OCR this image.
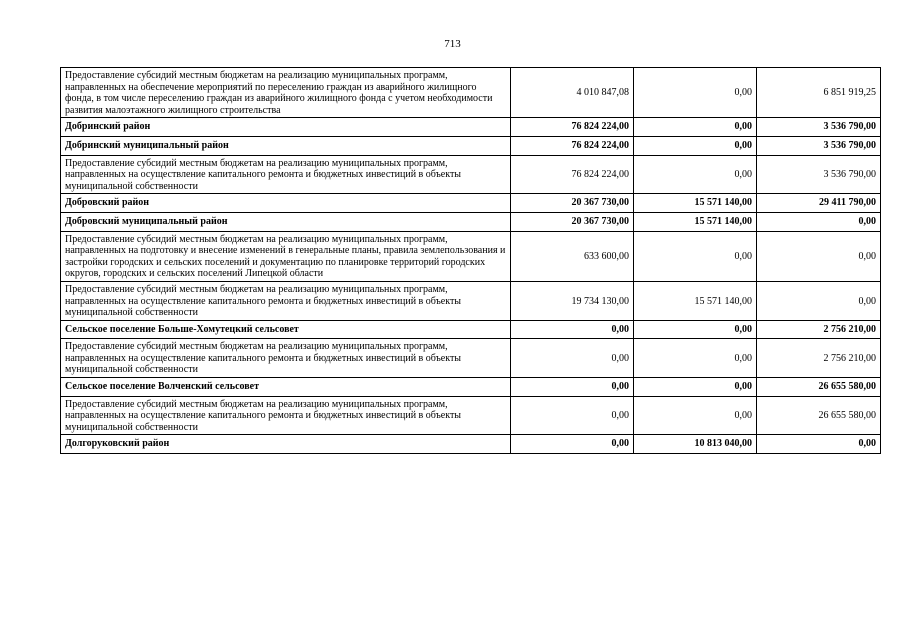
713
Предоставление субсидий местным бюджетам на реализацию муниципальных программ, направленных на обеспечение мероприятий по переселению граждан из аварийного жилищного фонда, в том числе переселению граждан из аварийного жилищного фонда с учетом необходимости развития малоэтажного жилищного строительства	4 010 847,08	0,00	6 851 919,25
Добринский район	76 824 224,00	0,00	3 536 790,00
Добринский муниципальный район	76 824 224,00	0,00	3 536 790,00
Предоставление субсидий местным бюджетам на реализацию муниципальных программ, направленных на осуществление капитального ремонта и бюджетных инвестиций в объекты муниципальной собственности	76 824 224,00	0,00	3 536 790,00
Добровский район	20 367 730,00	15 571 140,00	29 411 790,00
Добровский муниципальный район	20 367 730,00	15 571 140,00	0,00
Предоставление субсидий местным бюджетам на реализацию муниципальных программ, направленных на подготовку и внесение изменений в генеральные планы, правила землепользования и застройки городских и сельских поселений и документацию по планировке территорий городских округов, городских и сельских поселений Липецкой области	633 600,00	0,00	0,00
Предоставление субсидий местным бюджетам на реализацию муниципальных программ, направленных на осуществление капитального ремонта и бюджетных инвестиций в объекты муниципальной собственности	19 734 130,00	15 571 140,00	0,00
Сельское поселение Больше-Хомутецкий сельсовет	0,00	0,00	2 756 210,00
Предоставление субсидий местным бюджетам на реализацию муниципальных программ, направленных на осуществление капитального ремонта и бюджетных инвестиций в объекты муниципальной собственности	0,00	0,00	2 756 210,00
Сельское поселение Волченский сельсовет	0,00	0,00	26 655 580,00
Предоставление субсидий местным бюджетам на реализацию муниципальных программ, направленных на осуществление капитального ремонта и бюджетных инвестиций в объекты муниципальной собственности	0,00	0,00	26 655 580,00
Долгоруковский район	0,00	10 813 040,00	0,00
